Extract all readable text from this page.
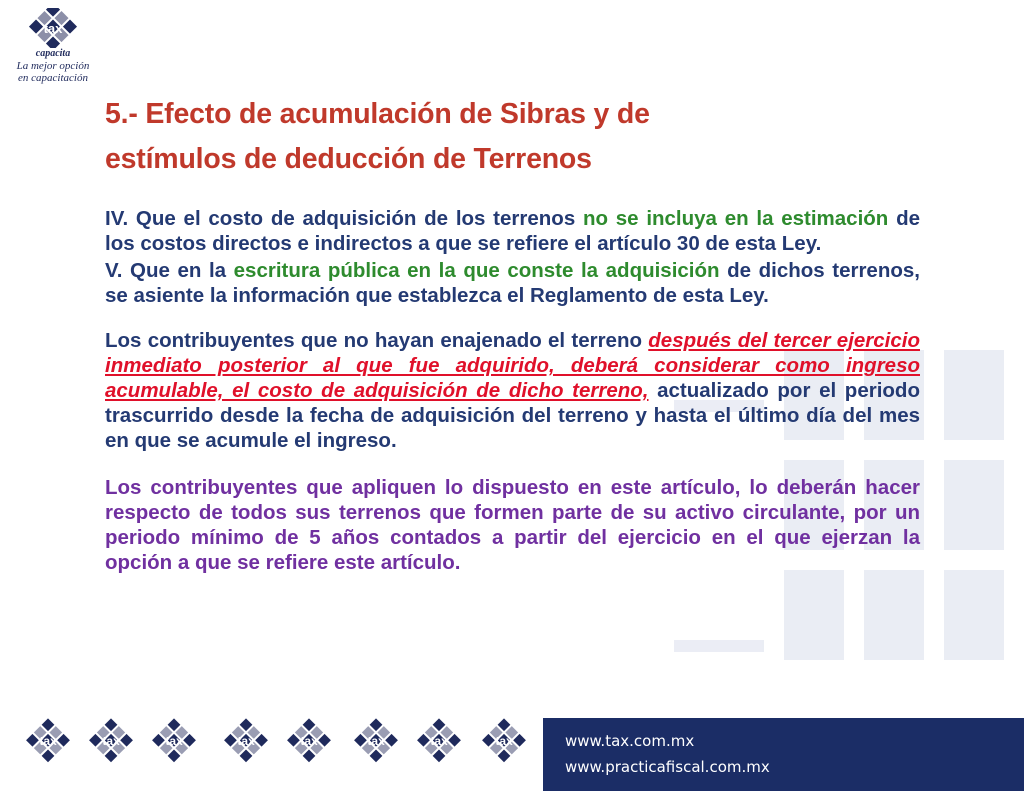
tax
capacita
La mejor opción
en capacitación
5.- Efecto de acumulación de Sibras y de
estímulos de deducción de Terrenos

IV. Que el costo de adquisición de los terrenos no se incluya en la estimación de los costos directos e indirectos a que se refiere el artículo 30 de esta Ley.

V. Que en la escritura pública en la que conste la adquisición de dichos terrenos, se asiente la información que establezca el Reglamento de esta Ley.

Los contribuyentes que no hayan enajenado el terreno después del tercer ejercicio inmediato posterior al que fue adquirido, deberá considerar como ingreso acumulable, el costo de adquisición de dicho terreno, actualizado por el periodo trascurrido desde la fecha de adquisición del terreno y hasta el último día del mes en que se acumule el ingreso.

Los contribuyentes que apliquen lo dispuesto en este artículo, lo deberán hacer respecto de todos sus terrenos que formen parte de su activo circulante, por un periodo mínimo de 5 años contados a partir del ejercicio en el que ejerzan la opción a que se refiere este artículo.

tax	tax	tax	tax	tax	tax	tax	tax	www.tax.com.mx
www.practicafiscal.com.mx
